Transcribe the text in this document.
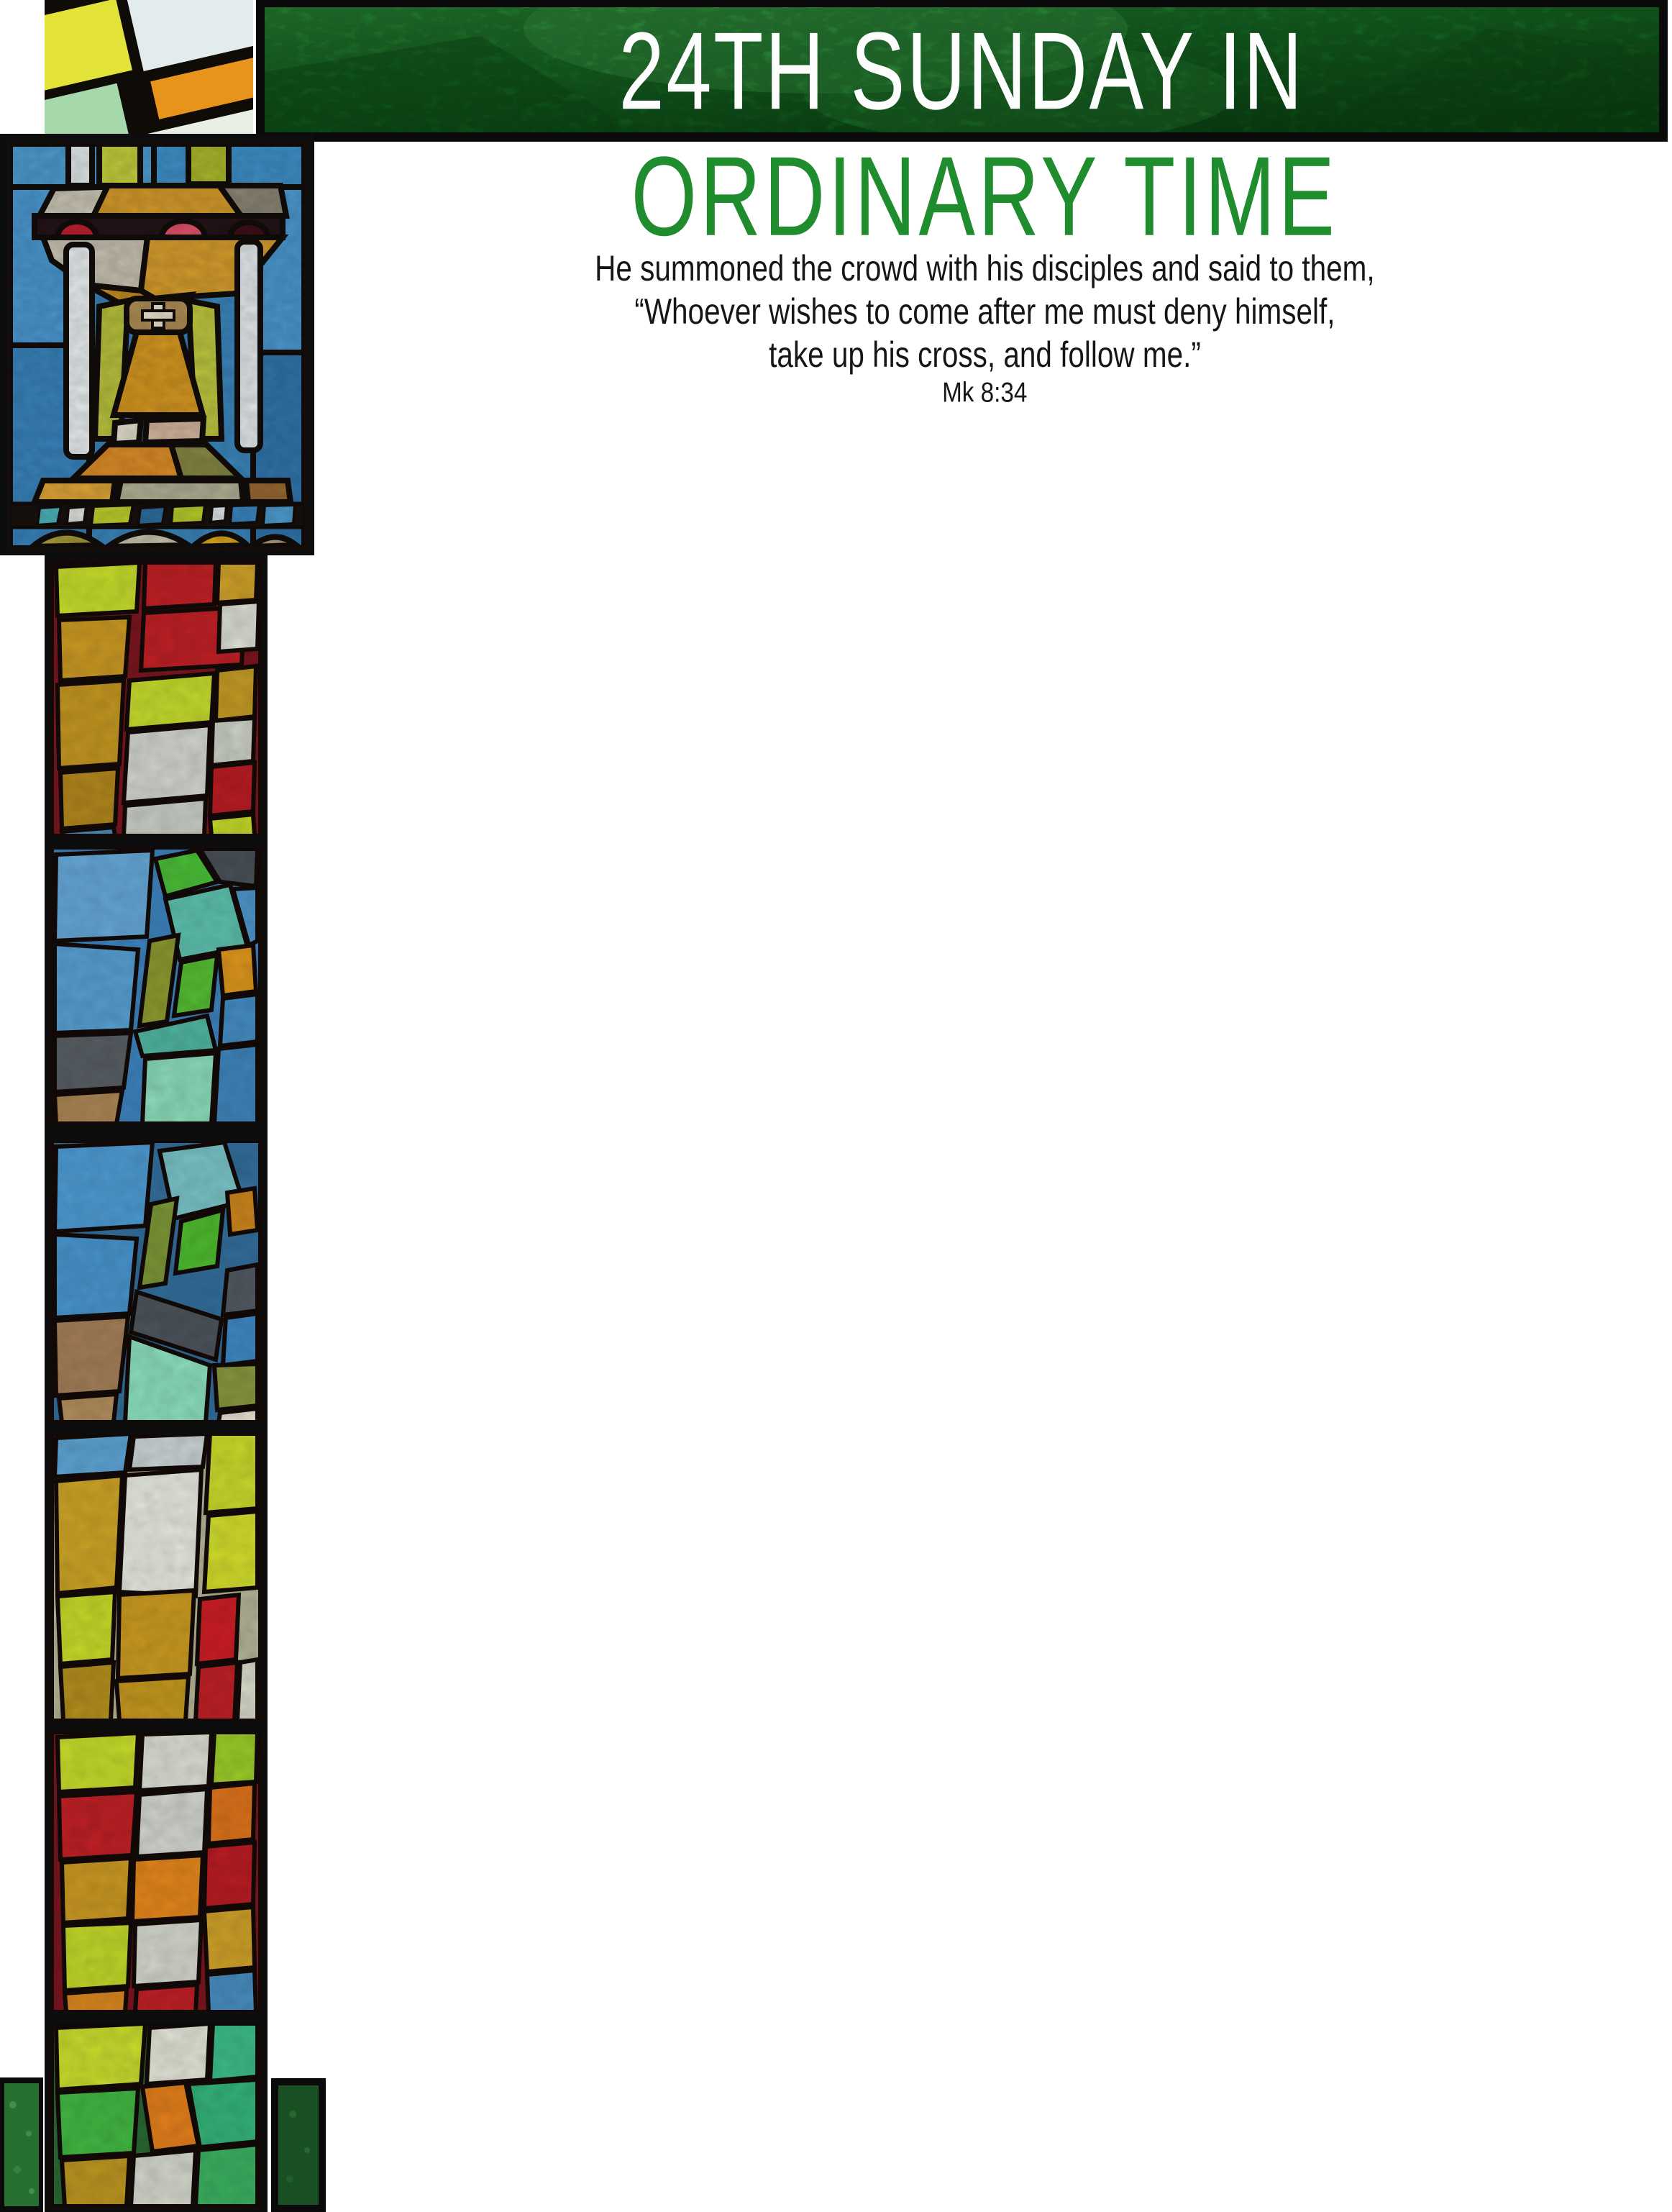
24TH SUNDAY IN
ORDINARY TIME
He summoned the crowd with his disciples and said to them,
“Whoever wishes to come after me must deny himself,
take up his cross, and follow me.”
Mk 8:34
